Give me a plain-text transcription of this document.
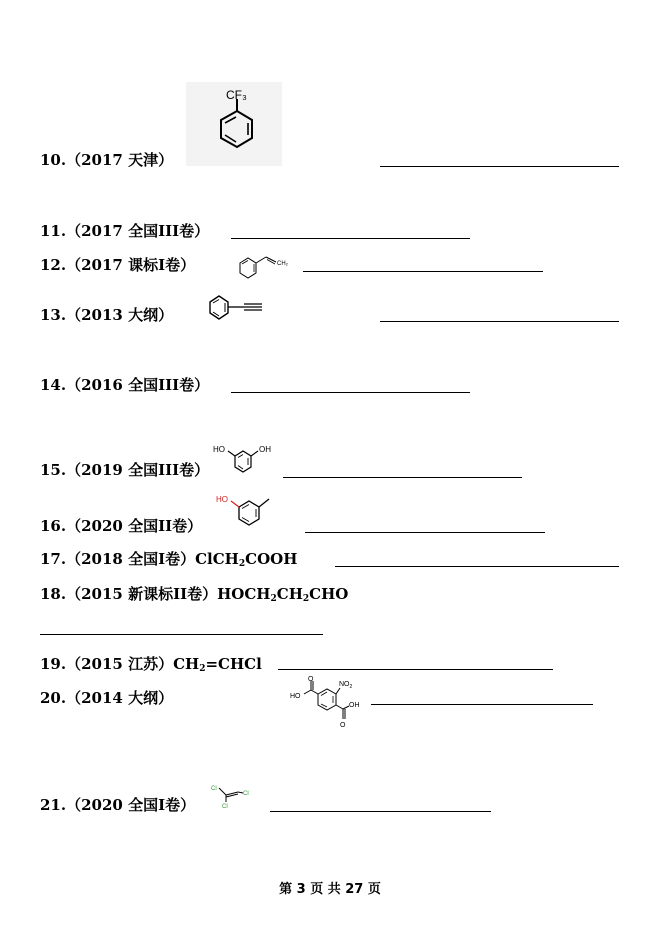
10.（2017 天津）
CF₃
11.（2017 全国III卷）
12.（2017 课标Ⅰ卷）	CH₂
13.（2013 大纲）
14.（2016 全国III卷）
15.（2019 全国III卷）
HO	OH
16.（2020 全国II卷）
HO
17.（2018 全国Ⅰ卷）ClCH$_2$COOH
18.（2015 新课标II卷）$HOCH_2CH_2CHO$
19.（2015 江苏）$CH_2=CHCl$
20.（2014 大纲）
O
HO
$NO_2$
OH
O
21.（2020 全国Ⅰ卷）
Cl
Cl
Cl
第 3 页 共 27 页
